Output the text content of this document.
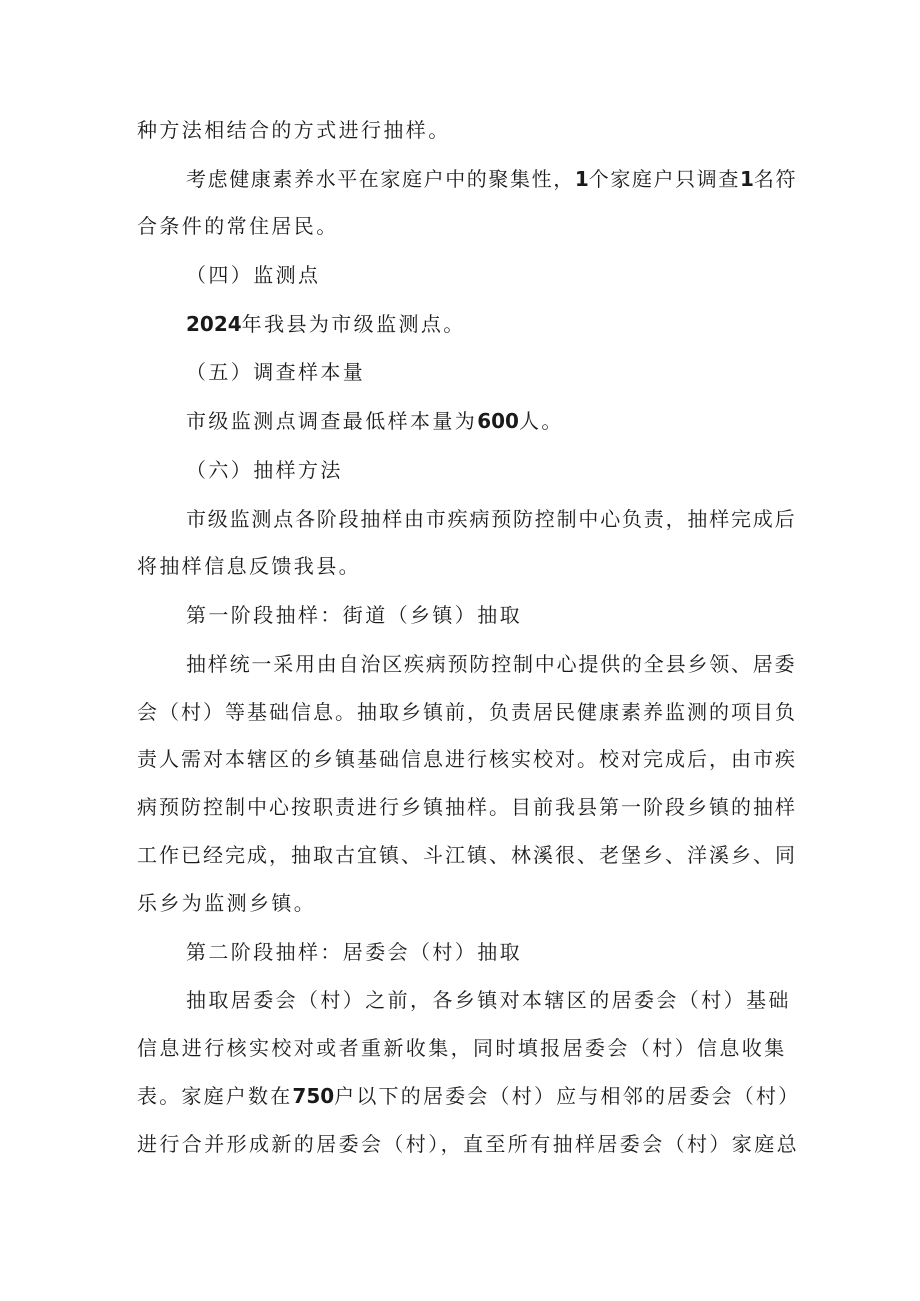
种方法相结合的方式进行抽样。

考虑健康素养水平在家庭户中的聚集性，1个家庭户只调查1名符

合条件的常住居民。

（四）监测点

2024年我县为市级监测点。

（五）调查样本量

市级监测点调查最低样本量为600人。

（六）抽样方法

市级监测点各阶段抽样由市疾病预防控制中心负责，抽样完成后

将抽样信息反馈我县。

第一阶段抽样：街道（乡镇）抽取

抽样统一采用由自治区疾病预防控制中心提供的全县乡领、居委

会（村）等基础信息。抽取乡镇前，负责居民健康素养监测的项目负

责人需对本辖区的乡镇基础信息进行核实校对。校对完成后，由市疾

病预防控制中心按职责进行乡镇抽样。目前我县第一阶段乡镇的抽样

工作已经完成，抽取古宜镇、斗江镇、林溪很、老堡乡、洋溪乡、同

乐乡为监测乡镇。

第二阶段抽样：居委会（村）抽取

抽取居委会（村）之前，各乡镇对本辖区的居委会（村）基础

信息进行核实校对或者重新收集，同时填报居委会（村）信息收集

表。家庭户数在750户以下的居委会（村）应与相邻的居委会（村）

进行合并形成新的居委会（村），直至所有抽样居委会（村）家庭总
